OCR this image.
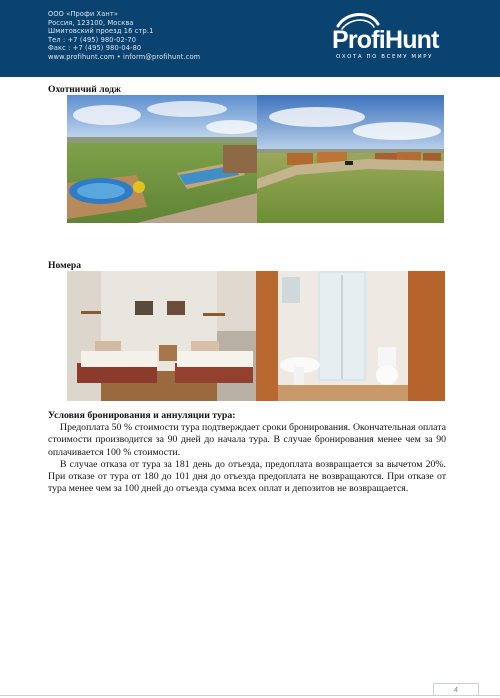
ООО «Профи Хант»
Россия, 123100, Москва
Шмитовский проезд 16 стр.1
Тел : +7 (495) 980-02-70
Факс : +7 (495) 980-04-80
www.profihunt.com • inform@profihunt.com
ProfiHunt
ОХОТА ПО ВСЕМУ МИРУ
Охотничий лодж
Номера
Условия бронирования и аннуляции тура:

Предоплата 50 % стоимости тура подтверждает сроки бронирования. Окончательная оплата стоимости производится за 90 дней до начала тура. В случае бронирования менее чем за 90 оплачивается 100 % стоимости.

В случае отказа от тура за 181 день до отъезда, предоплата возвращается за вычетом 20%. При отказе от тура от 180 до 101 дня до отъезда предоплата не возвращаются. При отказе от тура менее чем за 100 дней до отъезда сумма всех оплат и депозитов не возвращается.

4
